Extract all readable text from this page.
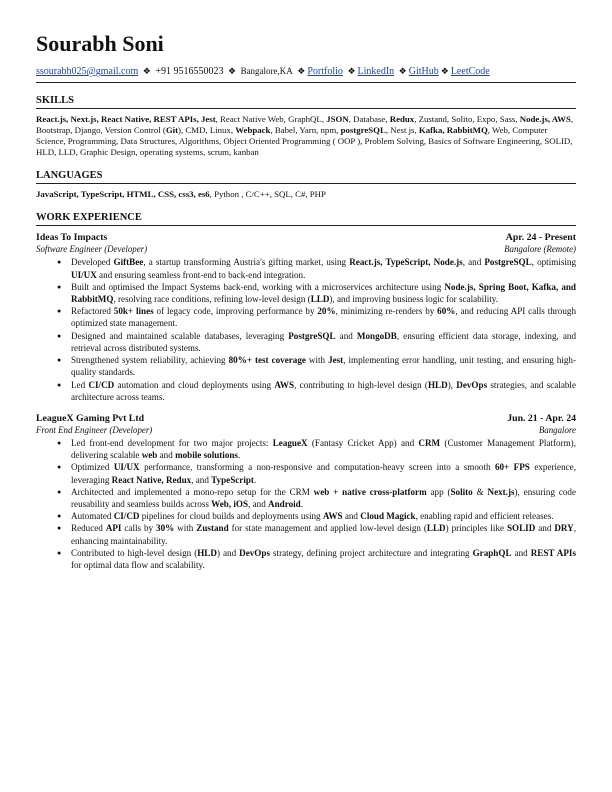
Sourabh Soni
ssourabh025@gmail.com ❖ +91 9516550023 ❖ Bangalore,KA ❖ Portfolio ❖ LinkedIn ❖ GitHub ❖ LeetCode
SKILLS
React.js, Next.js, React Native, REST APIs, Jest, React Native Web, GraphQL, JSON, Database, Redux, Zustand, Solito, Expo, Sass, Node.js, AWS, Bootstrap, Django, Version Control (Git), CMD, Linux, Webpack, Babel, Yarn, npm, postgreSQL, Nest js, Kafka, RabbitMQ, Web, Computer Science, Programming, Data Structures, Algorithms, Object Oriented Programming ( OOP ), Problem Solving, Basics of Software Engineering, SOLID, HLD, LLD, Graphic Design, operating systems, scrum, kanban
LANGUAGES
JavaScript, TypeScript, HTML, CSS, css3, es6, Python , C/C++, SQL, C#, PHP
WORK EXPERIENCE
Ideas To Impacts	Apr. 24 - Present
Software Engineer (Developer)	Bangalore (Remote)
● Developed GiftBee, a startup transforming Austria's gifting market, using React.js, TypeScript, Node.js, and PostgreSQL, optimising UI/UX and ensuring seamless front-end to back-end integration.
● Built and optimised the Impact Systems back-end, working with a microservices architecture using Node.js, Spring Boot, Kafka, and RabbitMQ, resolving race conditions, refining low-level design (LLD), and improving business logic for scalability.
● Refactored 50k+ lines of legacy code, improving performance by 20%, minimizing re-renders by 60%, and reducing API calls through optimized state management.
● Designed and maintained scalable databases, leveraging PostgreSQL and MongoDB, ensuring efficient data storage, indexing, and retrieval across distributed systems.
● Strengthened system reliability, achieving 80%+ test coverage with Jest, implementing error handling, unit testing, and ensuring high-quality standards.
● Led CI/CD automation and cloud deployments using AWS, contributing to high-level design (HLD), DevOps strategies, and scalable architecture across teams.
LeagueX Gaming Pvt Ltd	Jun. 21 - Apr. 24
Front End Engineer (Developer)	Bangalore
● Led front-end development for two major projects: LeagueX (Fantasy Cricket App) and CRM (Customer Management Platform), delivering scalable web and mobile solutions.
● Optimized UI/UX performance, transforming a non-responsive and computation-heavy screen into a smooth 60+ FPS experience, leveraging React Native, Redux, and TypeScript.
● Architected and implemented a mono-repo setup for the CRM web + native cross-platform app (Solito & Next.js), ensuring code reusability and seamless builds across Web, iOS, and Android.
● Automated CI/CD pipelines for cloud builds and deployments using AWS and Cloud Magick, enabling rapid and efficient releases.
● Reduced API calls by 30% with Zustand for state management and applied low-level design (LLD) principles like SOLID and DRY, enhancing maintainability.
● Contributed to high-level design (HLD) and DevOps strategy, defining project architecture and integrating GraphQL and REST APIs for optimal data flow and scalability.
